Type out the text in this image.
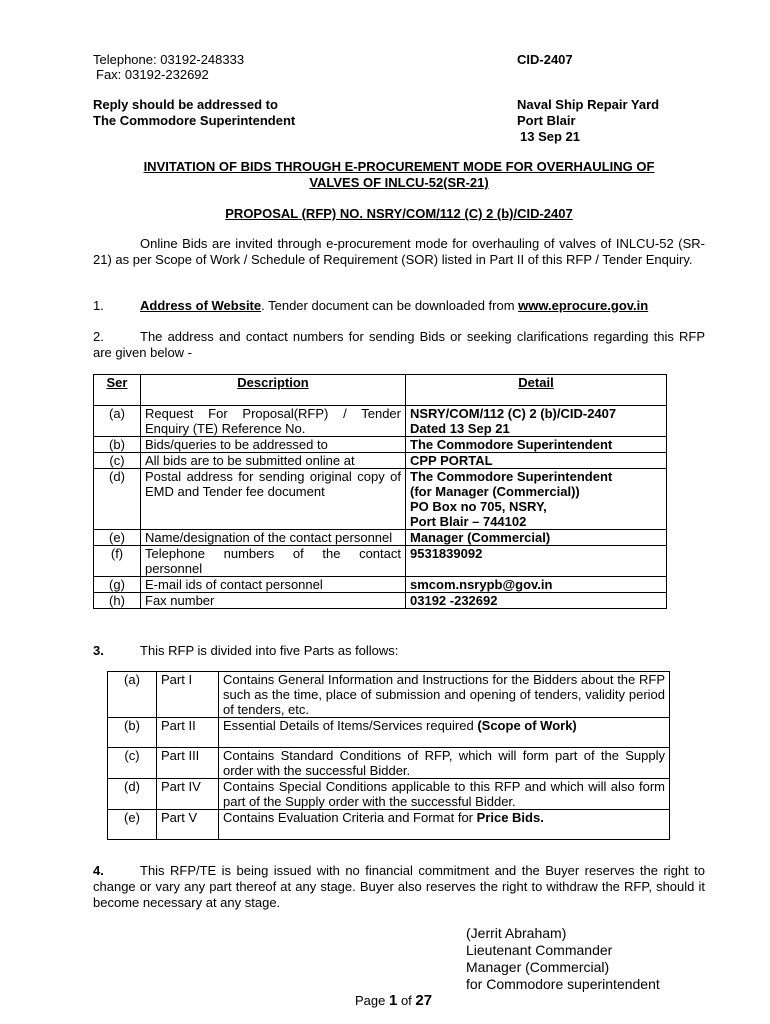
Telephone: 03192-248333
Fax: 03192-232692
CID-2407
Reply should be addressed to
The Commodore Superintendent
Naval Ship Repair Yard
Port Blair
13 Sep 21
INVITATION OF BIDS THROUGH E-PROCUREMENT MODE FOR OVERHAULING OF
VALVES OF INLCU-52(SR-21)
PROPOSAL (RFP) NO. NSRY/COM/112 (C) 2 (b)/CID-2407
Online Bids are invited through e-procurement mode for overhauling of valves of INLCU-52 (SR-21) as per Scope of Work / Schedule of Requirement (SOR) listed in Part II of this RFP / Tender Enquiry.
1.	Address of Website. Tender document can be downloaded from www.eprocure.gov.in
2.	The address and contact numbers for sending Bids or seeking clarifications regarding this RFP are given below -
Ser	Description	Detail
(a)	Request For Proposal(RFP) / Tender Enquiry (TE) Reference No.	NSRY/COM/112 (C) 2 (b)/CID-2407
Dated 13 Sep 21
(b)	Bids/queries to be addressed to	The Commodore Superintendent
(c)	All bids are to be submitted online at	CPP PORTAL
(d)	Postal address for sending original copy of EMD and Tender fee document	The Commodore Superintendent
(for Manager (Commercial))
PO Box no 705, NSRY,
Port Blair – 744102
(e)	Name/designation of the contact personnel	Manager (Commercial)
(f)	Telephone numbers of the contact personnel	9531839092
(g)	E-mail ids of contact personnel	smcom.nsrypb@gov.in
(h)	Fax number	03192 -232692
3.	This RFP is divided into five Parts as follows:
(a)	Part I	Contains General Information and Instructions for the Bidders about the RFP such as the time, place of submission and opening of tenders, validity period of tenders, etc.
(b)	Part II	Essential Details of Items/Services required (Scope of Work)
(c)	Part III	Contains Standard Conditions of RFP, which will form part of the Supply order with the successful Bidder.
(d)	Part IV	Contains Special Conditions applicable to this RFP and which will also form part of the Supply order with the successful Bidder.
(e)	Part V	Contains Evaluation Criteria and Format for Price Bids.
4.	This RFP/TE is being issued with no financial commitment and the Buyer reserves the right to change or vary any part thereof at any stage. Buyer also reserves the right to withdraw the RFP, should it become necessary at any stage.
(Jerrit Abraham)
Lieutenant Commander
Manager (Commercial)
for Commodore superintendent
Page 1 of 27
